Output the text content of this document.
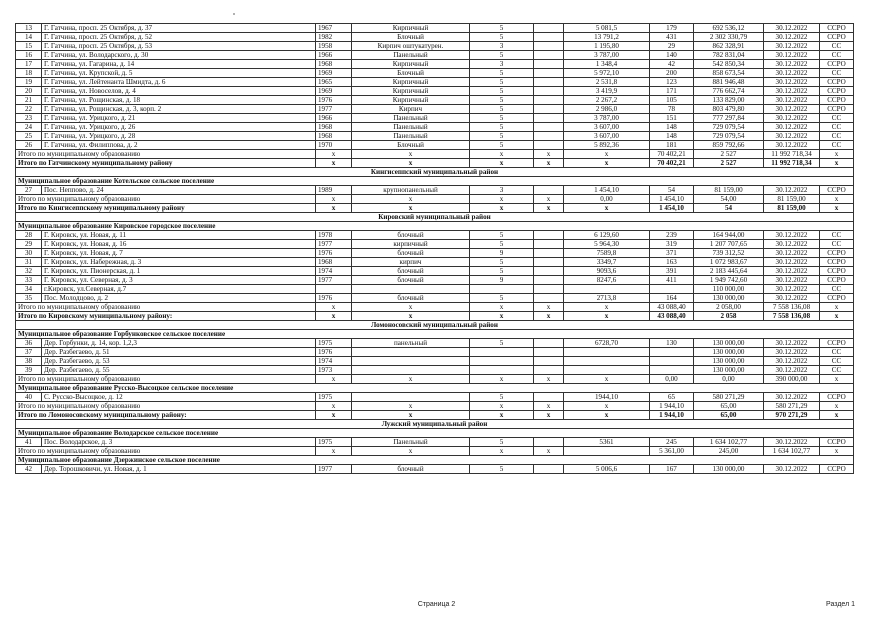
13	Г. Гатчина, просп. 25 Октября, д. 37	1967	Кирпичный	5		5 081,5	179	692 536,12	30.12.2022	ССРО	
14	Г. Гатчина, просп. 25 Октября, д. 52	1982	Блочный	5		13 791,2	431	2 302 330,79	30.12.2022	ССРО	
15	Г. Гатчина, просп. 25 Октября, д. 53	1958	Кирпич оштукатурен.	3		1 195,80	29	862 328,91	30.12.2022	СС	
16	Г. Гатчина, ул. Володарского, д. 30	1966	Панельный	5		3 787,00	140	782 831,04	30.12.2022	СС	
17	Г. Гатчина, ул. Гагарина, д. 14	1968	Кирпичный	3		1 348,4	42	542 850,34	30.12.2022	ССРО	
18	Г. Гатчина, ул. Крупской, д. 5	1969	Блочный	5		5 972,10	200	858 673,54	30.12.2022	СС	
19	Г. Гатчина, ул. Лейтенанта Шмидта, д. 6	1965	Кирпичный	5		2 531,8	123	881 946,48	30.12.2022	ССРО	
20	Г. Гатчина, ул. Новоселов, д. 4	1969	Кирпичный	5		3 419,9	171	776 662,74	30.12.2022	ССРО	
21	Г. Гатчина, ул. Рощинская, д. 18	1976	Кирпичный	5		2 267,2	105	133 829,00	30.12.2022	ССРО	
22	Г. Гатчина, ул. Рощинская, д. 3, корп. 2	1977	Кирпич	5		2 986,0	78	803 479,80	30.12.2022	ССРО	
23	Г. Гатчина, ул. Урицкого, д. 21	1966	Панельный	5		3 787,00	151	777 297,84	30.12.2022	СС	
24	Г. Гатчина, ул. Урицкого, д. 26	1968	Панельный	5		3 607,00	148	729 079,54	30.12.2022	СС	
25	Г. Гатчина, ул. Урицкого, д. 28	1968	Панельный	5		3 607,00	148	729 079,54	30.12.2022	СС	
26	Г. Гатчина, ул. Филиппова, д. 2	1970	Блочный	5		5 892,36	181	859 792,66	30.12.2022	СС	
Итого по муниципальному образованию		х	х	х	х	х	70 402,21	2 527	11 992 718,34	х	
Итого по Гатчинскому муниципальному району		х	х	х	х	х	70 402,21	2 527	11 992 718,34	х	
Кингисеппский муниципальный район											
Муниципальное образование Котельское сельское поселение											
27	Пос. Неппово, д. 24	1989	крупнопанельный	3		1 454,10	54	81 159,00	30.12.2022	ССРО	
Итого по муниципальному образованию		х	х	х	х	0,00	1 454,10	54,00	81 159,00	х	
Итого по Кингисеппскому муниципальному району		х	х	х	х	х	1 454,10	54	81 159,00	х	
Кировский муниципальный район											
Муниципальное образование Кировское городское поселение											
28	Г. Кировск, ул. Новая, д. 11	1978	блочный	5		6 129,60	239	164 944,00	30.12.2022	СС	
29	Г. Кировск, ул. Новая, д. 16	1977	кирпичный	5		5 964,30	319	1 207 707,65	30.12.2022	СС	
30	Г. Кировск, ул. Новая, д. 7	1976	блочный	9		7589,8	371	739 312,52	30.12.2022	ССРО	
31	Г. Кировск, ул. Набережная, д. 3	1968	кирпич	5		3349,7	163	1 072 983,67	30.12.2022	ССРО	
32	Г. Кировск, ул. Пионерская, д. 1	1974	блочный	5		9093,6	391	2 183 445,64	30.12.2022	ССРО	
33	Г. Кировск, ул. Северная, д. 3	1977	блочный	9		8247,6	411	1 949 742,60	30.12.2022	ССРО	
34	г.Кировск, ул.Северная, д.7							110 000,00	30.12.2022	СС	
35	Пос. Молодцово, д. 2	1976	блочный	5		2713,8	164	130 000,00	30.12.2022	ССРО	
Итого по муниципальному образованию		х	х	х	х	х	43 088,40	2 058,00	7 558 136,08	х	
Итого по Кировскому муниципальному району:		х	х	х	х	х	43 088,40	2 058	7 558 136,08	х	
Ломоносовский муниципальный район											
Муниципальное образование Горбунковское сельское поселение											
36	Дер. Горбунки, д. 14, кор. 1,2,3	1975	панельный	5		6728,70	130	130 000,00	30.12.2022	ССРО	
37	Дер. Разбегаево, д. 51	1976						130 000,00	30.12.2022	СС	
38	Дер. Разбегаево, д. 53	1974						130 000,00	30.12.2022	СС	
39	Дер. Разбегаево, д. 55	1973						130 000,00	30.12.2022	СС	
Итого по муниципальному образованию		х	х	х	х	х	0,00	0,00	390 000,00	х	
Муниципальное образование Русско-Высоцкое сельское поселение											
40	С. Русско-Высоцкое, д. 12	1975		5		1944,10	65	580 271,29	30.12.2022	ССРО	
Итого по муниципальному образованию		х	х	х	х	х	1 944,10	65,00	580 271,29	х	
Итого по Ломоносовскому муниципальному району:		х	х	х	х	х	1 944,10	65,00	970 271,29	х	
Лужский муниципальный район											
Муниципальное образование Володарское сельское поселение											
41	Пос. Володарское, д. 3	1975	Панельный	5		5361	245	1 634 102,77	30.12.2022	ССРО	
Итого по муниципальному образованию		х	х	х	х		5 361,00	245,00	1 634 102,77	х	
Муниципальное образование Дзержинское сельское поселение											
42	Дер. Торошковичи, ул. Новая, д. 1	1977	блочный	5		5 006,6	167	130 000,00	30.12.2022	ССРО	
Страница 2	Раздел 1
